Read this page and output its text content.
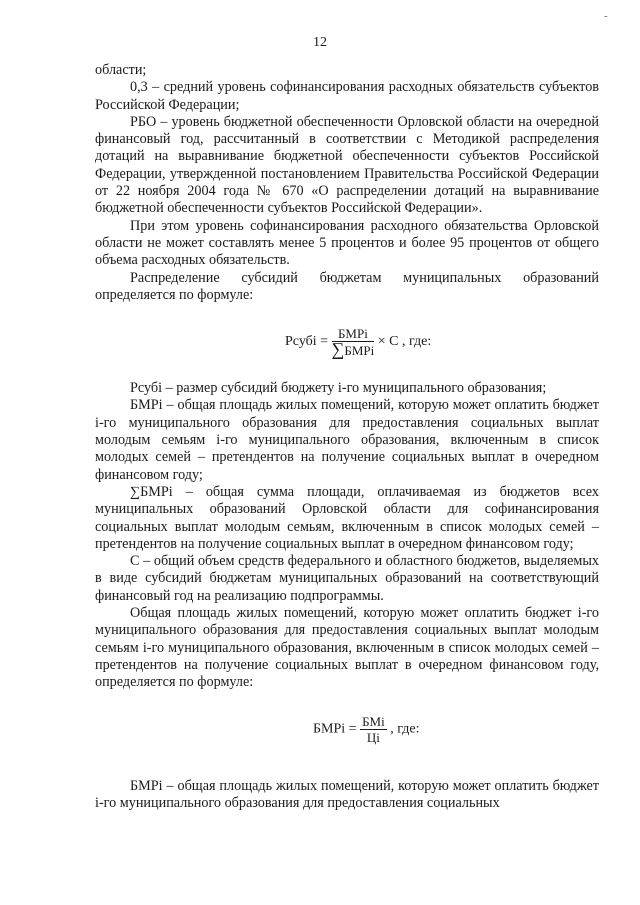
12
-

области;

0,3 – средний уровень софинансирования расходных обязательств субъектов Российской Федерации;

РБО – уровень бюджетной обеспеченности Орловской области на очередной финансовый год, рассчитанный в соответствии с Методикой распределения дотаций на выравнивание бюджетной обеспеченности субъектов Российской Федерации, утвержденной постановлением Правительства Российской Федерации от 22 ноября 2004 года № 670 «О распределении дотаций на выравнивание бюджетной обеспеченности субъектов Российской Федерации».

При этом уровень софинансирования расходного обязательства Орловской области не может составлять менее 5 процентов и более 95 процентов от общего объема расходных обязательств.

Распределение субсидий бюджетам муниципальных образований определяется по формуле:

Pсубi = $\frac{\text{БМPi}}{\text{∑БМPi}} \times C$ , где:

Рсубi – размер субсидий бюджету i-го муниципального образования;

БМРi – общая площадь жилых помещений, которую может оплатить бюджет i-го муниципального образования для предоставления социальных выплат молодым семьям i-го муниципального образования, включенным в список молодых семей – претендентов на получение социальных выплат в очередном финансовом году;

∑БМРi – общая сумма площади, оплачиваемая из бюджетов всех муниципальных образований Орловской области для софинансирования социальных выплат молодым семьям, включенным в список молодых семей – претендентов на получение социальных выплат в очередном финансовом году;

С – общий объем средств федерального и областного бюджетов, выделяемых в виде субсидий бюджетам муниципальных образований на соответствующий финансовый год на реализацию подпрограммы.

Общая площадь жилых помещений, которую может оплатить бюджет i-го муниципального образования для предоставления социальных выплат молодым семьям i-го муниципального образования, включенным в список молодых семей – претендентов на получение социальных выплат в очередном финансовом году, определяется по формуле:

БМPi = $\frac{\text{БМi}}{Цi}$ , где:

БМРi – общая площадь жилых помещений, которую может оплатить бюджет i-го муниципального образования для предоставления социальных
